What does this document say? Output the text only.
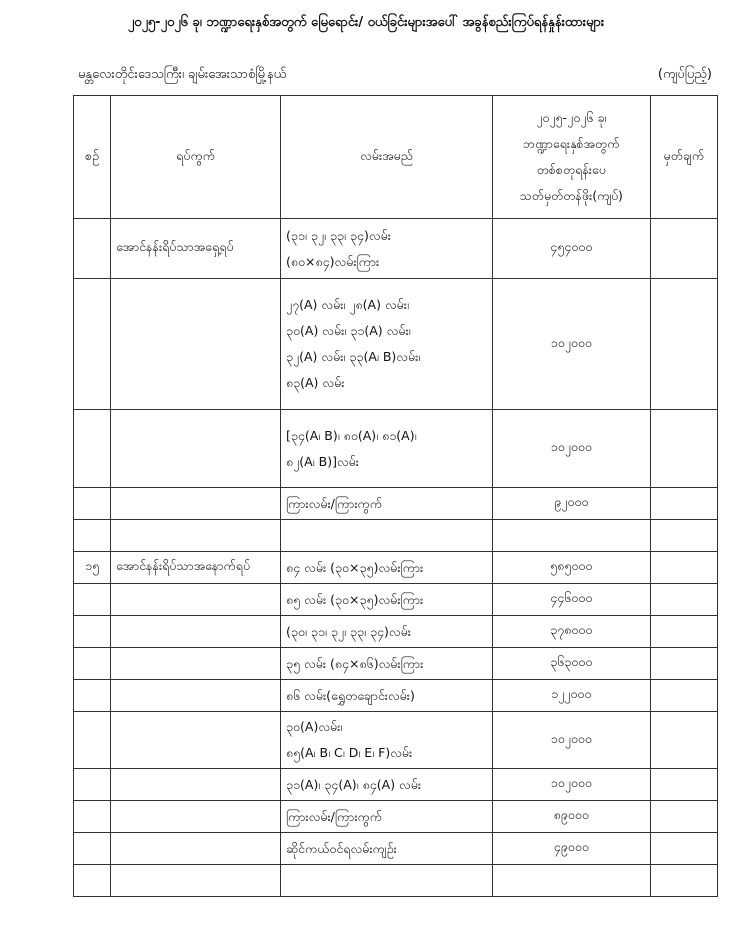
၂၀၂၅-၂၀၂၆ ခု၊ ဘဏ္ဍာရေးနှစ်အတွက် မြေရောင်း/ ဝယ်ခြင်းများအပေါ် အခွန်စည်းကြပ်ရန်နှုန်းထားများ
မန္တလေးတိုင်းဒေသကြီး၊ ချမ်းအေးသာစံမြို့နယ်	(ကျပ်ပြည့်)
စဉ်	ရပ်ကွက်	လမ်းအမည်	၂၀၂၅-၂၀၂၆ ခု၊
ဘဏ္ဍာရေးနှစ်အတွက်
တစ်စတုရန်းပေ
သတ်မှတ်တန်ဖိုး(ကျပ်)	မှတ်ချက်
	အောင်နန်းရိပ်သာအရှေ့ရပ်	(၃၁၊ ၃၂၊ ၃၃၊ ၃၄)လမ်း
(၈၀×၈၄)လမ်းကြား	၄၅၄၀၀၀	

		၂၇(A) လမ်း၊ ၂၈(A) လမ်း၊
၃၀(A) လမ်း၊ ၃၁(A) လမ်း၊
၃၂(A) လမ်း၊ ၃၃(A၊ B)လမ်း၊
၈၃(A) လမ်း	၁၀၂၀၀၀	

		[၃၄(A၊ B)၊ ၈၀(A)၊ ၈၁(A)၊
၈၂(A၊ B)]လမ်း	၁၀၂၀၀၀	

		ကြားလမ်း/ကြားကွက်	၉၂၀၀၀	

၁၅	အောင်နန်းရိပ်သာအနောက်ရပ်	၈၄ လမ်း (၃၀×၃၅)လမ်းကြား	၅၈၅၀၀၀	

		၈၅ လမ်း (၃၀×၃၅)လမ်းကြား	၄၄၆၀၀၀	

		(၃၀၊ ၃၁၊ ၃၂၊ ၃၃၊ ၃၄)လမ်း	၃၇၈၀၀၀	

		၃၅ လမ်း (၈၄×၈၆)လမ်းကြား	၃၆၃၀၀၀	

		၈၆ လမ်း(ရွှေတချောင်းလမ်း)	၁၂၂၀၀၀	

		၃၀(A)လမ်း၊
၈၅(A၊ B၊ C၊ D၊ E၊ F)လမ်း	၁၀၂၀၀၀	

		၃၁(A)၊ ၃၄(A)၊ ၈၄(A) လမ်း	၁၀၂၀၀၀	

		ကြားလမ်း/ကြားကွက်	၈၉၀၀၀	

		ဆိုင်ကယ်ဝင်ရလမ်းကျဉ်း	၄၉၀၀၀	
